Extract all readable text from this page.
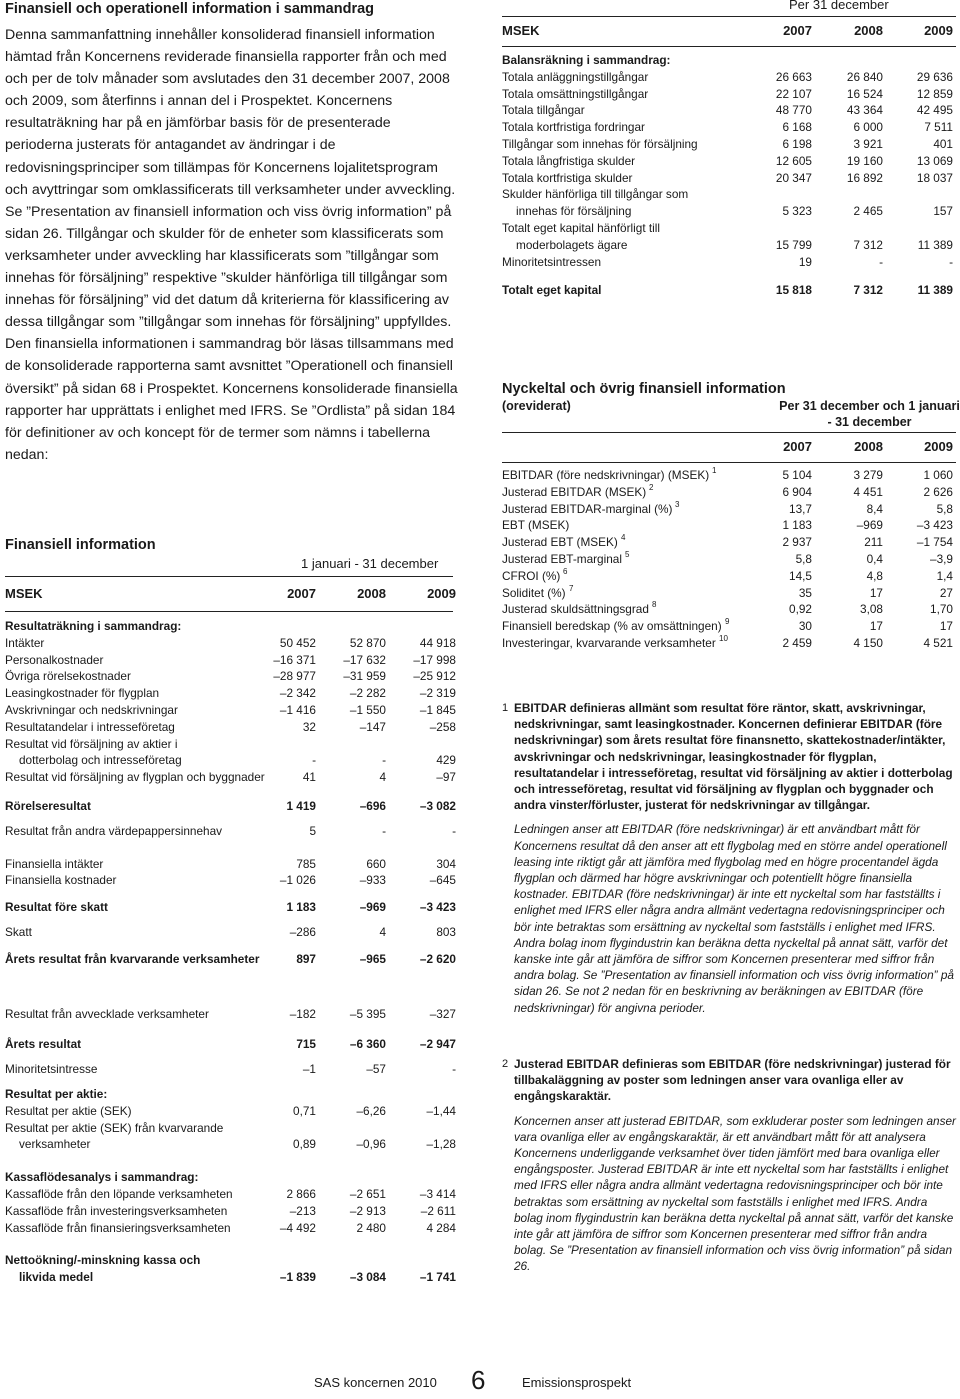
Finansiell och operationell information i sammandrag

Denna sammanfattning innehåller konsoliderad finansiell information hämtad från Koncernens reviderade finansiella rapporter från och med och per de tolv månader som avslutades den 31 december 2007, 2008 och 2009, som återfinns i annan del i Prospektet. Koncernens resultaträkning har på en jämförbar basis för de presenterade perioderna justerats för antagandet av ändringar i de redovisningsprinciper som tillämpas för Koncernens lojalitetsprogram och avyttringar som omklassificerats till verksamheter under avveckling. Se ”Presentation av finansiell information och viss övrig information” på sidan 26. Tillgångar och skulder för de enheter som klassificerats som verksamheter under avveckling har klassificerats som ”tillgångar som innehas för försäljning” respektive ”skulder hänförliga till tillgångar som innehas för försäljning” vid det datum då kriterierna för klassificering av dessa tillgångar som ”tillgångar som innehas för försäljning” uppfylldes. Den finansiella informationen i sammandrag bör läsas tillsammans med de konsoliderade rapporterna samt avsnittet ”Operationell och finansiell översikt” på sidan 68 i Prospektet. Koncernens konsoliderade finansiella rapporter har upprättats i enlighet med IFRS. Se ”Ordlista” på sidan 184 för definitioner av och koncept för de termer som nämns i tabellerna nedan:

Finansiell information
1 januari - 31 december
MSEK	2007	2008	2009
Resultaträkning i sammandrag:
Intäkter	50 452	52 870	44 918
Personalkostnader	–16 371	–17 632	–17 998
Övriga rörelsekostnader	–28 977	–31 959	–25 912
Leasingkostnader för flygplan	–2 342	–2 282	–2 319
Avskrivningar och nedskrivningar	–1 416	–1 550	–1 845
Resultatandelar i intresseföretag	32	–147	–258
Resultat vid försäljning av aktier i
dotterbolag och intresseföretag	-	-	429
Resultat vid försäljning av flygplan och byggnader	41	4	–97
Rörelseresultat	1 419	–696	–3 082
Resultat från andra värdepappersinnehav	5	-	-
Finansiella intäkter	785	660	304
Finansiella kostnader	–1 026	–933	–645
Resultat före skatt	1 183	–969	–3 423
Skatt	–286	4	803
Årets resultat från kvarvarande verksamheter	897	–965	–2 620
Resultat från avvecklade verksamheter	–182	–5 395	–327
Årets resultat	715	–6 360	–2 947
Minoritetsintresse	–1	–57	-
Resultat per aktie:
Resultat per aktie (SEK)	0,71	–6,26	–1,44
Resultat per aktie (SEK) från kvarvarande
verksamheter	0,89	–0,96	–1,28
Kassaflödesanalys i sammandrag:
Kassaflöde från den löpande verksamheten	2 866	–2 651	–3 414
Kassaflöde från investeringsverksamheten	–213	–2 913	–2 611
Kassaflöde från finansieringsverksamheten	–4 492	2 480	4 284
Nettoökning/-minskning kassa och
likvida medel	–1 839	–3 084	–1 741
Per 31 december
MSEK	2007	2008	2009
Balansräkning i sammandrag:
Totala anläggningstillgångar	26 663	26 840	29 636
Totala omsättningstillgångar	22 107	16 524	12 859
Totala tillgångar	48 770	43 364	42 495
Totala kortfristiga fordringar	6 168	6 000	7 511
Tillgångar som innehas för försäljning	6 198	3 921	401
Totala långfristiga skulder	12 605	19 160	13 069
Totala kortfristiga skulder	20 347	16 892	18 037
Skulder hänförliga till tillgångar som
innehas för försäljning	5 323	2 465	157
Totalt eget kapital hänförligt till
moderbolagets ägare	15 799	7 312	11 389
Minoritetsintressen	19	-	-
Totalt eget kapital	15 818	7 312	11 389
Nyckeltal och övrig finansiell information
(oreviderat)	Per 31 december och 1 januari - 31 december
2007	2008	2009
EBITDAR (före nedskrivningar) (MSEK) 1	5 104	3 279	1 060
Justerad EBITDAR (MSEK) 2	6 904	4 451	2 626
Justerad EBITDAR-marginal (%) 3	13,7	8,4	5,8
EBT (MSEK)	1 183	–969	–3 423
Justerad EBT (MSEK) 4	2 937	211	–1 754
Justerad EBT-marginal 5	5,8	0,4	–3,9
CFROI (%) 6	14,5	4,8	1,4
Soliditet (%) 7	35	17	27
Justerad skuldsättningsgrad 8	0,92	3,08	1,70
Finansiell beredskap (% av omsättningen) 9	30	17	17
Investeringar, kvarvarande verksamheter 10	2 459	4 150	4 521
1 EBITDAR definieras allmänt som resultat före räntor, skatt, avskrivningar, nedskrivningar, samt leasingkostnader. Koncernen definierar EBITDAR (före nedskrivningar) som årets resultat före finansnetto, skattekostnader/intäkter, avskrivningar och nedskrivningar, leasingkostnader för flygplan, resultatandelar i intresseföretag, resultat vid försäljning av aktier i dotterbolag och intresseföretag, resultat vid försäljning av flygplan och byggnader och andra vinster/förluster, justerat för nedskrivningar av tillgångar.
Ledningen anser att EBITDAR (före nedskrivningar) är ett användbart mått för Koncernens resultat då den anser att ett flygbolag med en större andel operationell leasing inte riktigt går att jämföra med flygbolag med en högre procentandel ägda flygplan och därmed har högre avskrivningar och potentiellt högre finansiella kostnader. EBITDAR (före nedskrivningar) är inte ett nyckeltal som har fastställts i enlighet med IFRS eller några andra allmänt vedertagna redovisningsprinciper och bör inte betraktas som ersättning av nyckeltal som fastställs i enlighet med IFRS. Andra bolag inom flygindustrin kan beräkna detta nyckeltal på annat sätt, varför det kanske inte går att jämföra de siffror som Koncernen presenterar med siffror från andra bolag. Se ”Presentation av finansiell information och viss övrig information” på sidan 26. Se not 2 nedan för en beskrivning av beräkningen av EBITDAR (före nedskrivningar) för angivna perioder.
2 Justerad EBITDAR definieras som EBITDAR (före nedskrivningar) justerad för tillbakaläggning av poster som ledningen anser vara ovanliga eller av engångskaraktär.
Koncernen anser att justerad EBITDAR, som exkluderar poster som ledningen anser vara ovanliga eller av engångskaraktär, är ett användbart mått för att analysera Koncernens underliggande verksamhet över tiden jämfört med bara ovanliga eller engångsposter. Justerad EBITDAR är inte ett nyckeltal som har fastställts i enlighet med IFRS eller några andra allmänt vedertagna redovisningsprinciper och bör inte betraktas som ersättning av nyckeltal som fastställs i enlighet med IFRS. Andra bolag inom flygindustrin kan beräkna detta nyckeltal på annat sätt, varför det kanske inte går att jämföra de siffror som Koncernen presenterar med siffror från andra bolag. Se ”Presentation av finansiell information och viss övrig information” på sidan 26.
SAS koncernen 2010 6	Emissionsprospekt
